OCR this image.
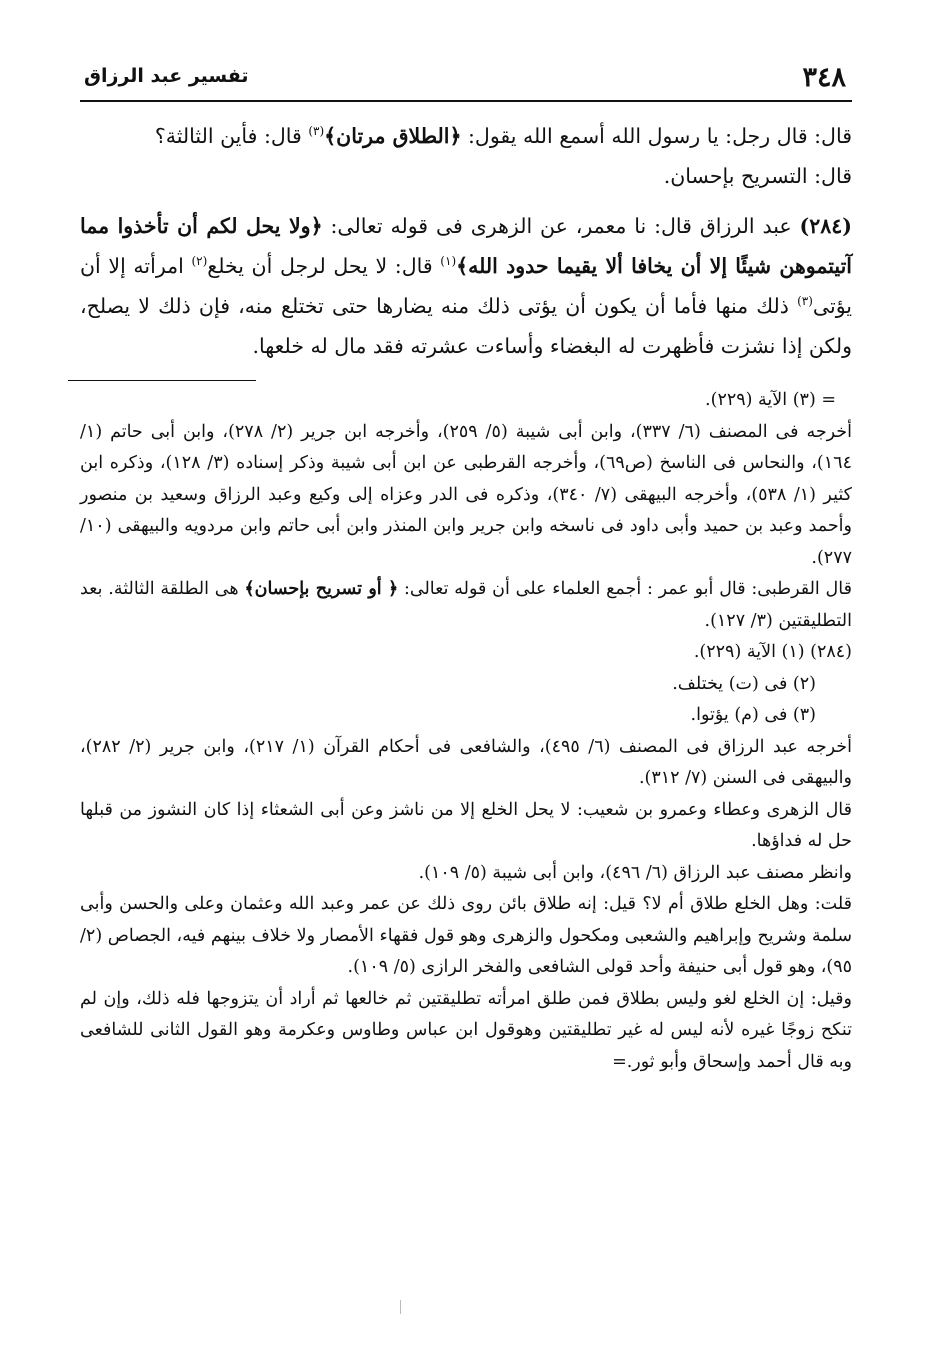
٣٤٨
تفسير عبد الرزاق

قال: قال رجل: يا رسول الله أسمع الله يقول: ﴿الطلاق مرتان﴾$^{(٣)}$ قال: فأين الثالثة؟

قال: التسريح بإحسان.

(٢٨٤) عبد الرزاق قال: نا معمر، عن الزهرى فى قوله تعالى: ﴿ولا يحل لكم أن تأخذوا مما آتيتموهن شيئًا إلا أن يخافا ألا يقيما حدود الله﴾$^{(١)}$ قال: لا يحل لرجل أن يخلع$^{(٢)}$ امرأته إلا أن يؤتى$^{(٣)}$ ذلك منها فأما أن يكون أن يؤتى ذلك منه يضارها حتى تختلع منه، فإن ذلك لا يصلح، ولكن إذا نشزت فأظهرت له البغضاء وأساءت عشرته فقد مال له خلعها.

= (٣) الآية (٢٢٩).

أخرجه فى المصنف (٦/ ٣٣٧)، وابن أبى شيبة (٥/ ٢٥٩)، وأخرجه ابن جرير (٢/ ٢٧٨)، وابن أبى حاتم (١/ ١٦٤)، والنحاس فى الناسخ (ص٦٩)، وأخرجه القرطبى عن ابن أبى شيبة وذكر إسناده (٣/ ١٢٨)، وذكره ابن كثير (١/ ٥٣٨)، وأخرجه البيهقى (٧/ ٣٤٠)، وذكره فى الدر وعزاه إلى وكيع وعبد الرزاق وسعيد بن منصور وأحمد وعبد بن حميد وأبى داود فى ناسخه وابن جرير وابن المنذر وابن أبى حاتم وابن مردويه والبيهقى (١٠/ ٢٧٧).

قال القرطبى: قال أبو عمر : أجمع العلماء على أن قوله تعالى: ﴿ أو تسريح بإحسان﴾ هى الطلقة الثالثة. بعد التطليقتين (٣/ ١٢٧).

(٢٨٤) (١) الآية (٢٢٩).

(٢) فى (ت) يختلف.

(٣) فى (م) يؤتوا.

أخرجه عبد الرزاق فى المصنف (٦/ ٤٩٥)، والشافعى فى أحكام القرآن (١/ ٢١٧)، وابن جرير (٢/ ٢٨٢)، والبيهقى فى السنن (٧/ ٣١٢).

قال الزهرى وعطاء وعمرو بن شعيب: لا يحل الخلع إلا من ناشز وعن أبى الشعثاء إذا كان النشوز من قبلها حل له فداؤها.

وانظر مصنف عبد الرزاق (٦/ ٤٩٦)، وابن أبى شيبة (٥/ ١٠٩).

قلت: وهل الخلع طلاق أم لا؟ قيل: إنه طلاق بائن روى ذلك عن عمر وعبد الله وعثمان وعلى والحسن وأبى سلمة وشريح وإبراهيم والشعبى ومكحول والزهرى وهو قول فقهاء الأمصار ولا خلاف بينهم فيه، الجصاص (٢/ ٩٥)، وهو قول أبى حنيفة وأحد قولى الشافعى والفخر الرازى (٥/ ١٠٩).

وقيل: إن الخلع لغو وليس بطلاق فمن طلق امرأته تطليقتين ثم خالعها ثم أراد أن يتزوجها فله ذلك، وإن لم تنكح زوجًا غيره لأنه ليس له غير تطليقتين وهوقول ابن عباس وطاوس وعكرمة وهو القول الثانى للشافعى وبه قال أحمد وإسحاق وأبو ثور.=
